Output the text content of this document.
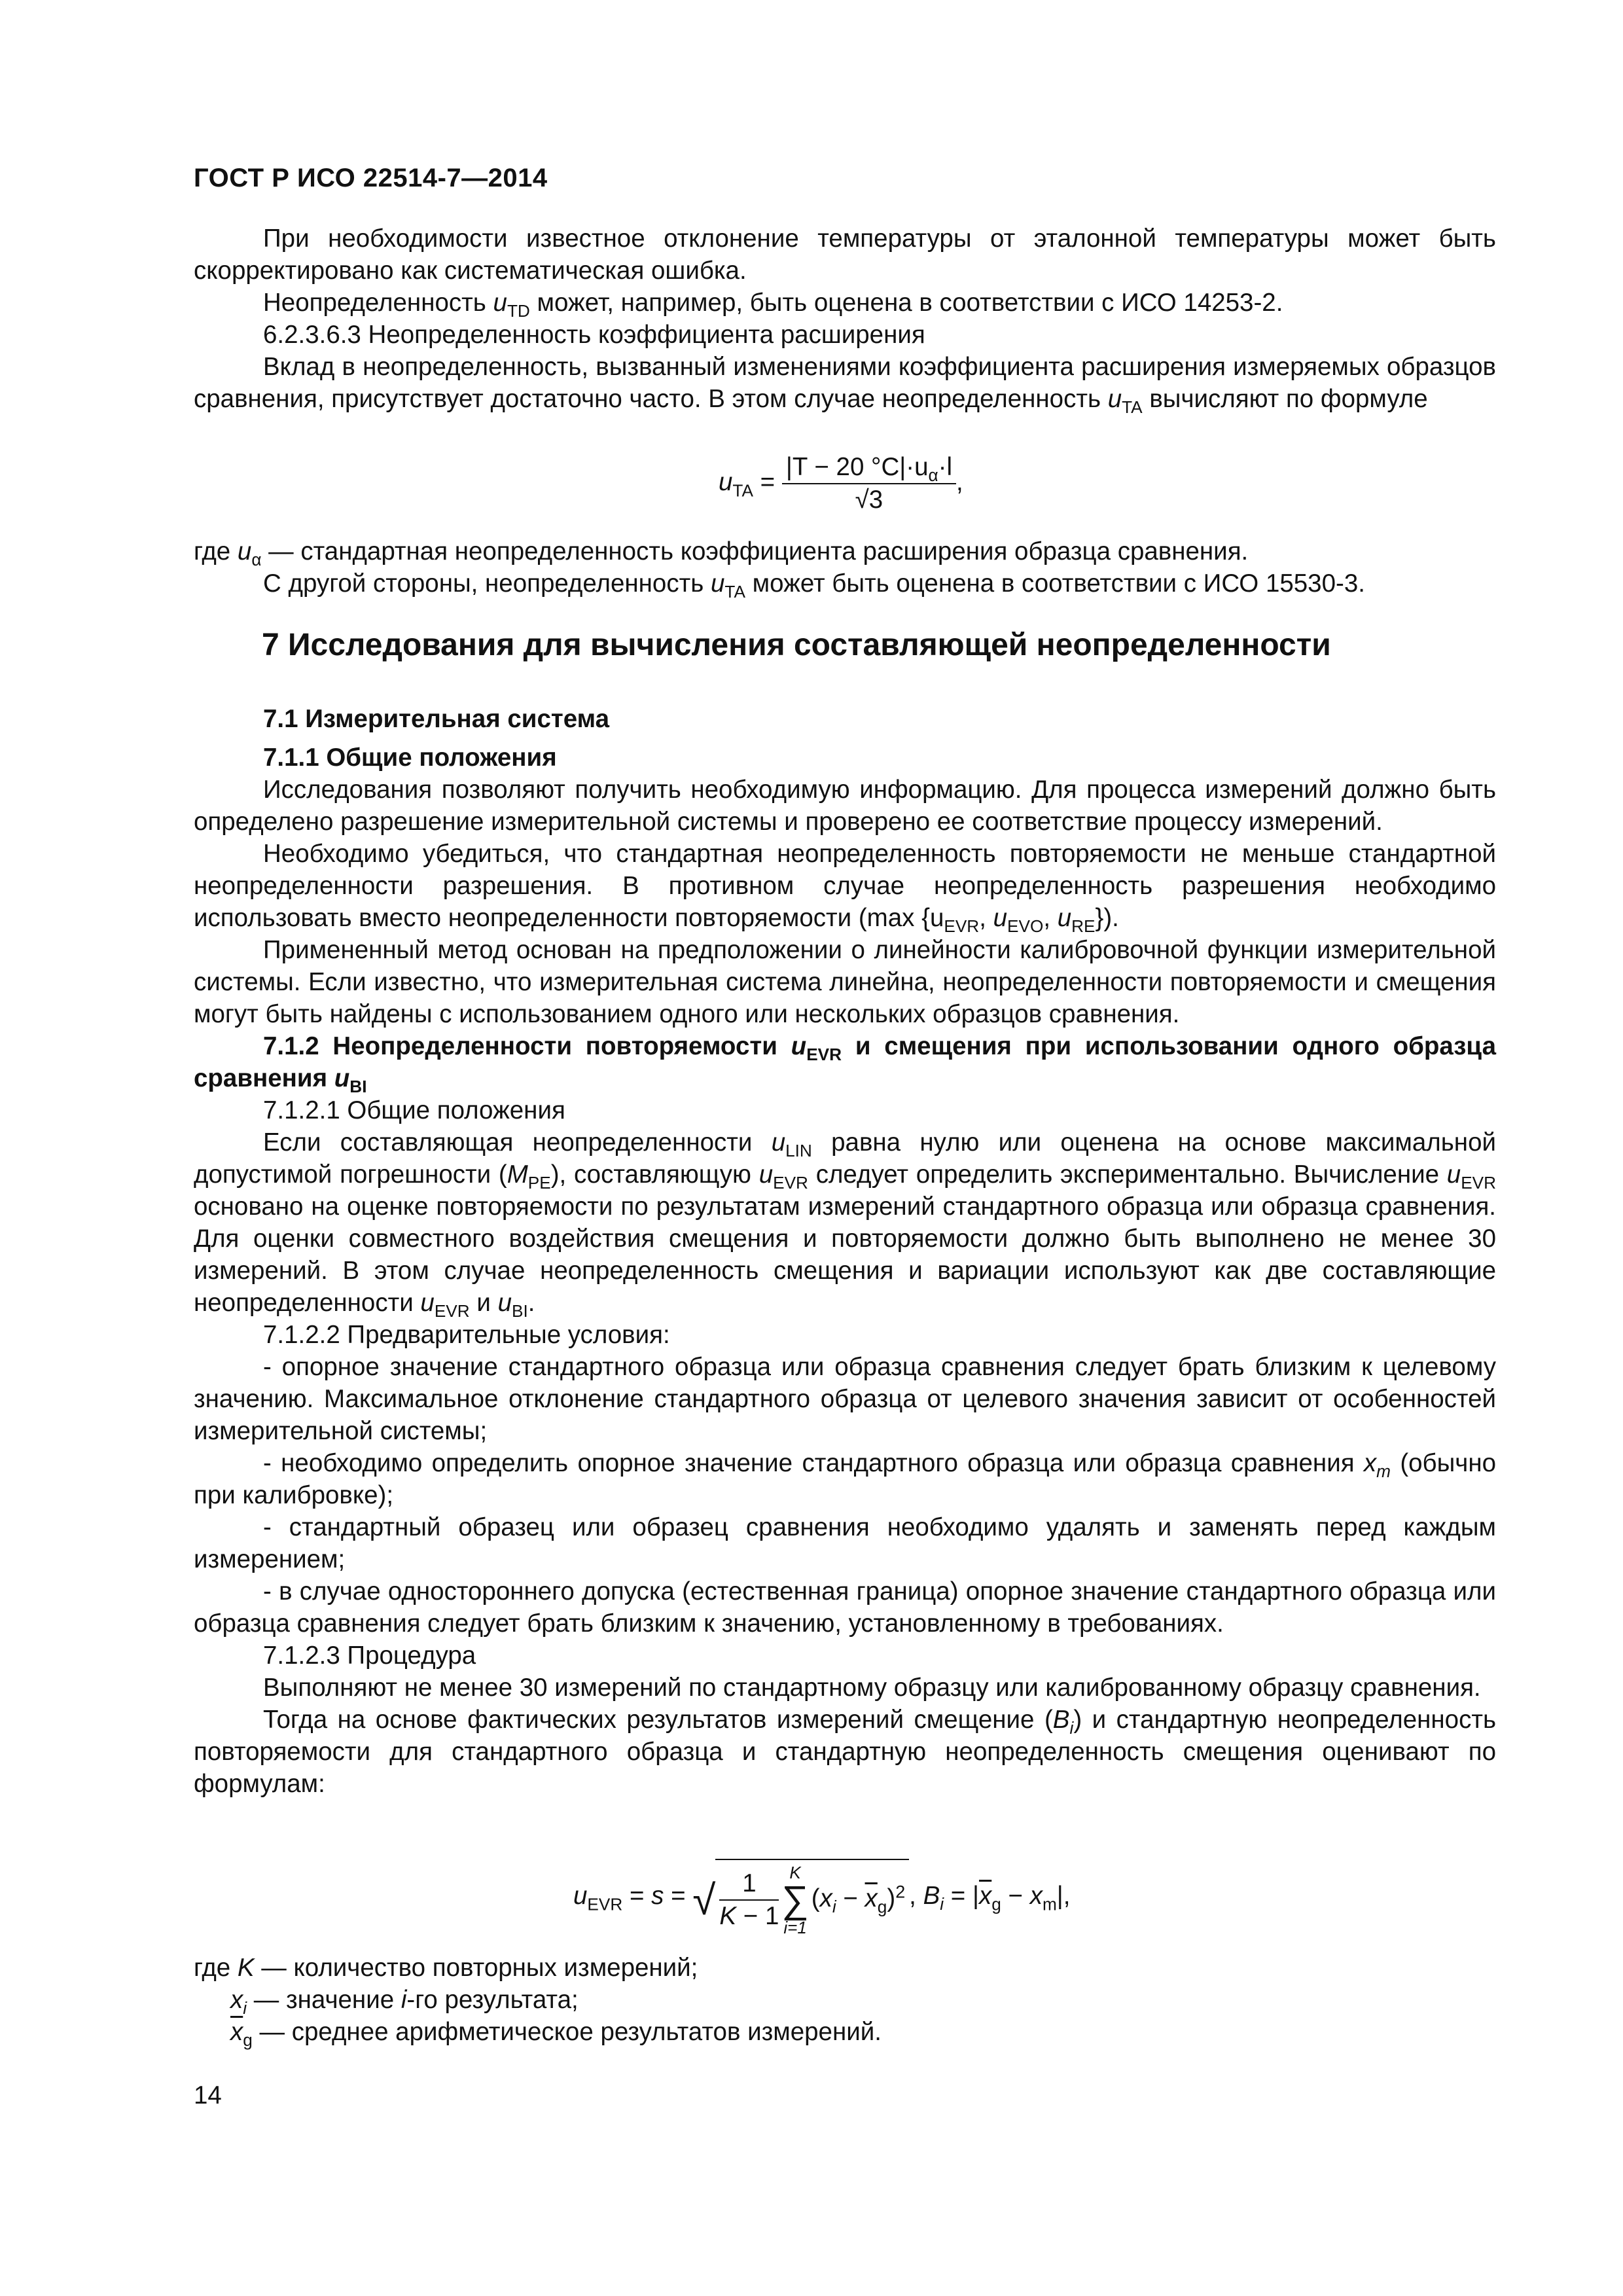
ГОСТ Р ИСО 22514-7—2014

При необходимости известное отклонение температуры от эталонной температуры может быть скорректировано как систематическая ошибка.

Неопределенность $u_{TD}$ может, например, быть оценена в соответствии с ИСО 14253-2.

6.2.3.6.3 Неопределенность коэффициента расширения

Вклад в неопределенность, вызванный изменениями коэффициента расширения измеряемых образцов сравнения, присутствует достаточно часто. В этом случае неопределенность $u_{TA}$ вычисляют по формуле

$u_{TA} = \frac{|T - 20 ^\circ C|\cdot u_\alpha\cdot l}{√3}$ ,

где $u_\alpha$ — стандартная неопределенность коэффициента расширения образца сравнения.

С другой стороны, неопределенность $u_{TA}$ может быть оценена в соответствии с ИСО 15530-3.

7 Исследования для вычисления составляющей неопределенности

7.1 Измерительная система

7.1.1 Общие положения

Исследования позволяют получить необходимую информацию. Для процесса измерений должно быть определено разрешение измерительной системы и проверено ее соответствие процессу измерений.

Необходимо убедиться, что стандартная неопределенность повторяемости не меньше стандартной неопределенности разрешения. В противном случае неопределенность разрешения необходимо использовать вместо неопределенности повторяемости (max {$u_{EVR}$, $u_{EVO}$, $u_{RE}$}).

Примененный метод основан на предположении о линейности калибровочной функции измерительной системы. Если известно, что измерительная система линейна, неопределенности повторяемости и смещения могут быть найдены с использованием одного или нескольких образцов сравнения.

7.1.2 Неопределенности повторяемости $u_{EVR}$ и смещения при использовании одного образца сравнения $u_{BI}$

7.1.2.1 Общие положения

Если составляющая неопределенности $u_{LIN}$ равна нулю или оценена на основе максимальной допустимой погрешности $(M_{PE})$, составляющую $u_{EVR}$ следует определить экспериментально. Вычисление $u_{EVR}$ основано на оценке повторяемости по результатам измерений стандартного образца или образца сравнения. Для оценки совместного воздействия смещения и повторяемости должно быть выполнено не менее 30 измерений. В этом случае неопределенность смещения и вариации используют как две составляющие неопределенности $u_{EVR}$ и $u_{BI}$.

7.1.2.2 Предварительные условия:

- опорное значение стандартного образца или образца сравнения следует брать близким к целевому значению. Максимальное отклонение стандартного образца от целевого значения зависит от особенностей измерительной системы;

- необходимо определить опорное значение стандартного образца или образца сравнения $x_m$ (обычно при калибровке);

- стандартный образец или образец сравнения необходимо удалять и заменять перед каждым измерением;

- в случае одностороннего допуска (естественная граница) опорное значение стандартного образца или образца сравнения следует брать близким к значению, установленному в требованиях.

7.1.2.3 Процедура

Выполняют не менее 30 измерений по стандартному образцу или калиброванному образцу сравнения.

Тогда на основе фактических результатов измерений смещение $(B_i)$ и стандартную неопределенность повторяемости для стандартного образца и стандартную неопределенность смещения оценивают по формулам:

$u_{EVR} = s$ = √ $\frac{1}{K - 1}$ K
∑
i=1
$(x_i - \overline{x}_g)^2$ , $B_i = |\overline{x}_g - x_m|$,
где K — количество повторных измерений;
$x_i$ — значение i-го результата;
$\overline{x}_g$ — среднее арифметическое результатов измерений.
14
